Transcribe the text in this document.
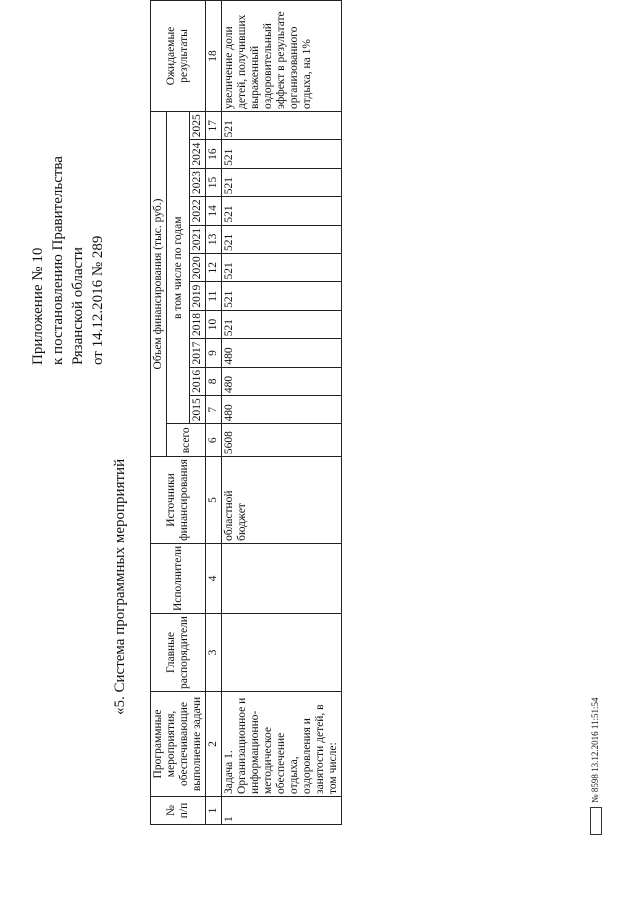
Приложение № 10 к постановлению Правительства Рязанской области от 14.12.2016 № 289
«5. Система программных мероприятий
№ п/п	Программные мероприятия, обеспечивающие выполнение задачи	Главные распорядители	Исполнители	Источники финансирования	Объем финансирования (тыс. руб.)												Ожидаемые результаты
					всего	в том числе по годам											
						2015	2016	2017	2018	2019	2020	2021	2022	2023	2024	2025	
1	2	3	4	5	6	7	8	9	10	11	12	13	14	15	16	17	18
1	Задача 1. Организационное и информационно-методическое обеспечение отдыха, оздоровления и занятости детей, в том числе:			областной бюджет	5608	480	480	480	521	521	521	521	521	521	521	521	увеличение доли детей, получивших выраженный оздоровительный эффект в результате организованного отдыха, на 1%
№ 8598 13.12.2016 11:51:54
